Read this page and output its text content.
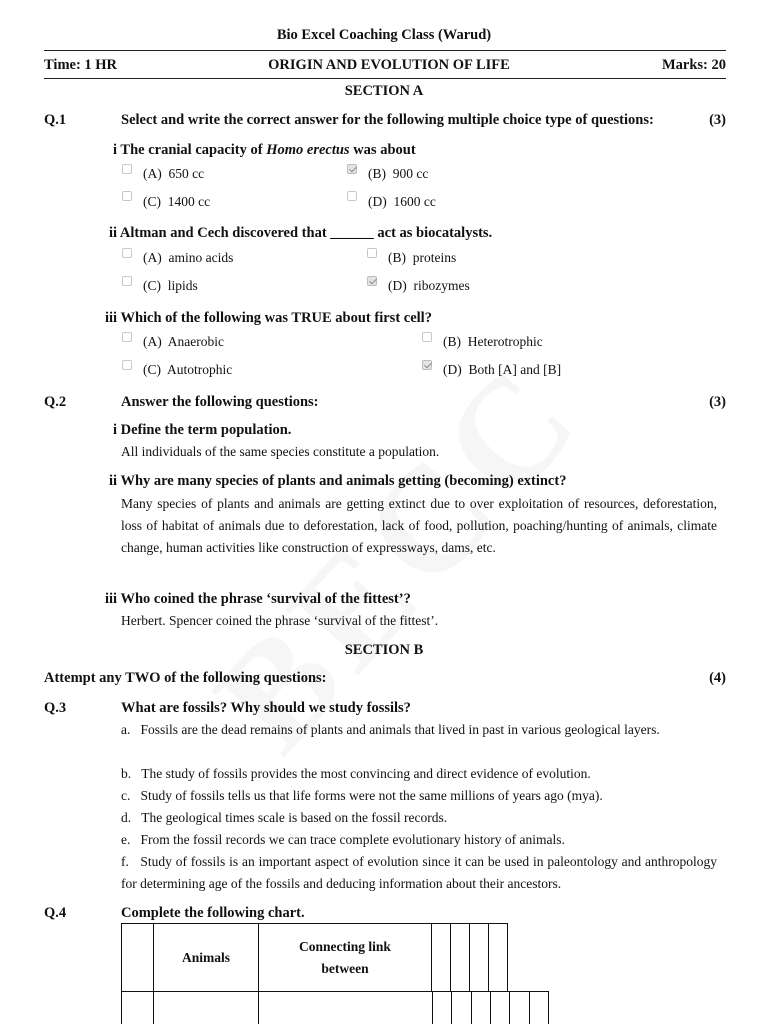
Bio Excel Coaching Class (Warud)
Time: 1 HR	ORIGIN AND EVOLUTION OF LIFE	Marks: 20
SECTION A
Q.1	Select and write the correct answer for the following multiple choice type of questions:	(3)
i The cranial capacity of Homo erectus was about
(A) 650 cc	(B) 900 cc
(C) 1400 cc	(D) 1600 cc
ii Altman and Cech discovered that ______ act as biocatalysts.
(A) amino acids	(B) proteins
(C) lipids	(D) ribozymes
iii Which of the following was TRUE about first cell?
(A) Anaerobic	(B) Heterotrophic
(C) Autotrophic	(D) Both [A] and [B]
Q.2	Answer the following questions:	(3)
i Define the term population.
All individuals of the same species constitute a population.
ii Why are many species of plants and animals getting (becoming) extinct?
Many species of plants and animals are getting extinct due to over exploitation of resources, deforestation, loss of habitat of animals due to deforestation, lack of food, pollution, poaching/hunting of animals, climate change, human activities like construction of expressways, dams, etc.
iii Who coined the phrase ‘survival of the fittest’?
Herbert. Spencer coined the phrase ‘survival of the fittest’.
SECTION B
Attempt any TWO of the following questions:	(4)
Q.3	What are fossils? Why should we study fossils?
a.   Fossils are the dead remains of plants and animals that lived in past in various geological layers.
b.   The study of fossils provides the most convincing and direct evidence of evolution.
c.   Study of fossils tells us that life forms were not the same millions of years ago (mya).
d.   The geological times scale is based on the fossil records.
e.   From the fossil records we can trace complete evolutionary history of animals.
f.   Study of fossils is an important aspect of evolution since it can be used in paleontology and anthropology for determining age of the fossils and deducing information about their ancestors.
Q.4	Complete the following chart.
	Animals	Connecting link between				
